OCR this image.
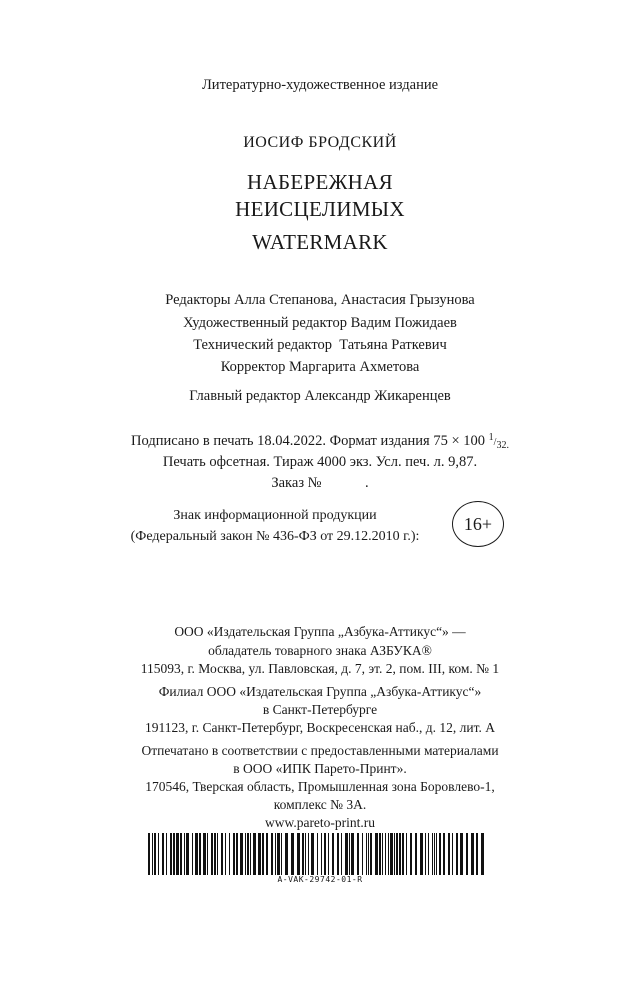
Литературно-художественное издание
ИОСИФ БРОДСКИЙ
НАБЕРЕЖНАЯ
НЕИСЦЕЛИМЫХ
WATERMARK
Редакторы Алла Степанова, Анастасия Грызунова
Художественный редактор Вадим Пожидаев
Технический редактор  Татьяна Раткевич
Корректор Маргарита Ахметова
Главный редактор Александр Жикаренцев
Подписано в печать 18.04.2022. Формат издания 75 × 100 1/32.
Печать офсетная. Тираж 4000 экз. Усл. печ. л. 9,87.
Заказ №            .
Знак информационной продукции
(Федеральный закон № 436-ФЗ от 29.12.2010 г.):
16+
ООО «Издательская Группа „Азбука-Аттикус“» —
обладатель товарного знака АЗБУКА®
115093, г. Москва, ул. Павловская, д. 7, эт. 2, пом. III, ком. № 1
Филиал ООО «Издательская Группа „Азбука-Аттикус“»
в Санкт-Петербурге
191123, г. Санкт-Петербург, Воскресенская наб., д. 12, лит. А
Отпечатано в соответствии с предоставленными материалами
в ООО «ИПК Парето-Принт».
170546, Тверская область, Промышленная зона Боровлево-1,
комплекс № 3А.
www.pareto-print.ru
A-VAK-29742-01-R
